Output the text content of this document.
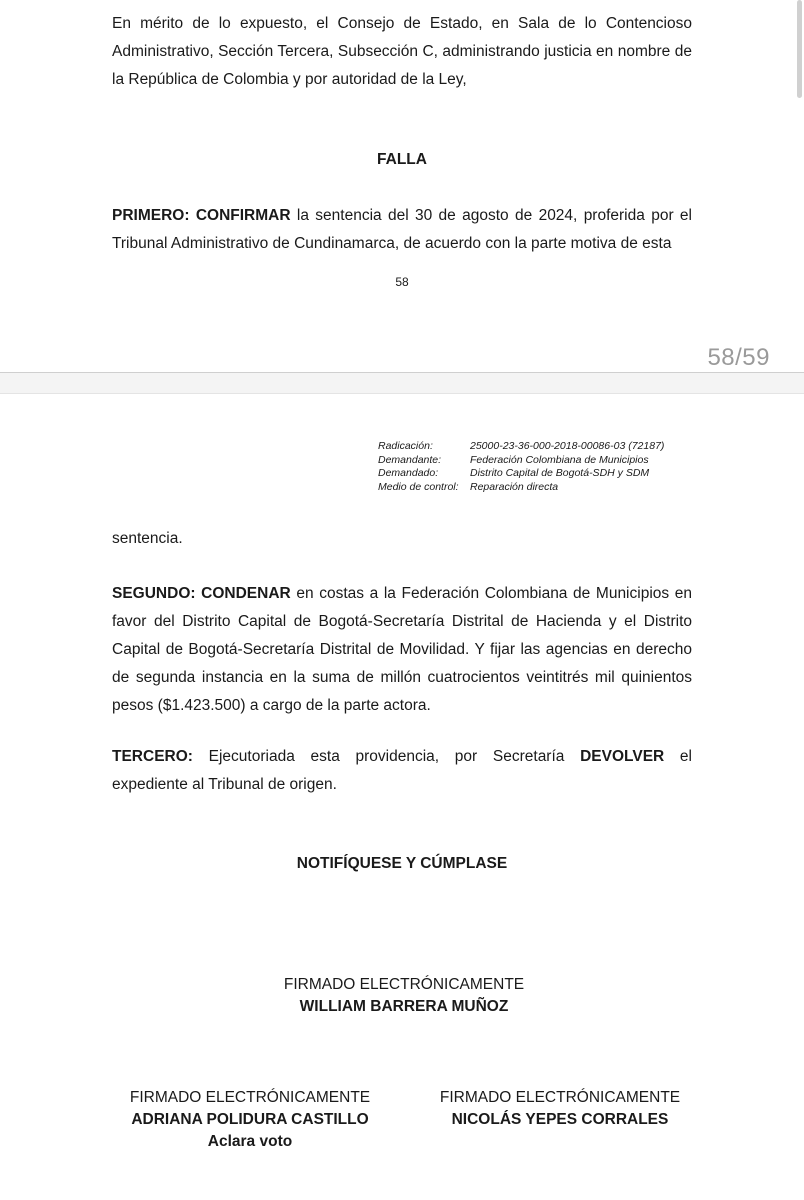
En mérito de lo expuesto, el Consejo de Estado, en Sala de lo Contencioso Administrativo, Sección Tercera, Subsección C, administrando justicia en nombre de la República de Colombia y por autoridad de la Ley,

FALLA

PRIMERO: CONFIRMAR la sentencia del 30 de agosto de 2024, proferida por el Tribunal Administrativo de Cundinamarca, de acuerdo con la parte motiva de esta

58
58/59
Radicación:	25000-23-36-000-2018-00086-03 (72187)
Demandante:	Federación Colombiana de Municipios
Demandado:	Distrito Capital de Bogotá-SDH y SDM
Medio de control:	Reparación directa

sentencia.

SEGUNDO: CONDENAR en costas a la Federación Colombiana de Municipios en favor del Distrito Capital de Bogotá-Secretaría Distrital de Hacienda y el Distrito Capital de Bogotá-Secretaría Distrital de Movilidad. Y fijar las agencias en derecho de segunda instancia en la suma de millón cuatrocientos veintitrés mil quinientos pesos ($1.423.500) a cargo de la parte actora.

TERCERO: Ejecutoriada esta providencia, por Secretaría DEVOLVER el expediente al Tribunal de origen.

NOTIFÍQUESE Y CÚMPLASE
FIRMADO ELECTRÓNICAMENTE
WILLIAM BARRERA MUÑOZ
FIRMADO ELECTRÓNICAMENTE
ADRIANA POLIDURA CASTILLO
Aclara voto
FIRMADO ELECTRÓNICAMENTE
NICOLÁS YEPES CORRALES
